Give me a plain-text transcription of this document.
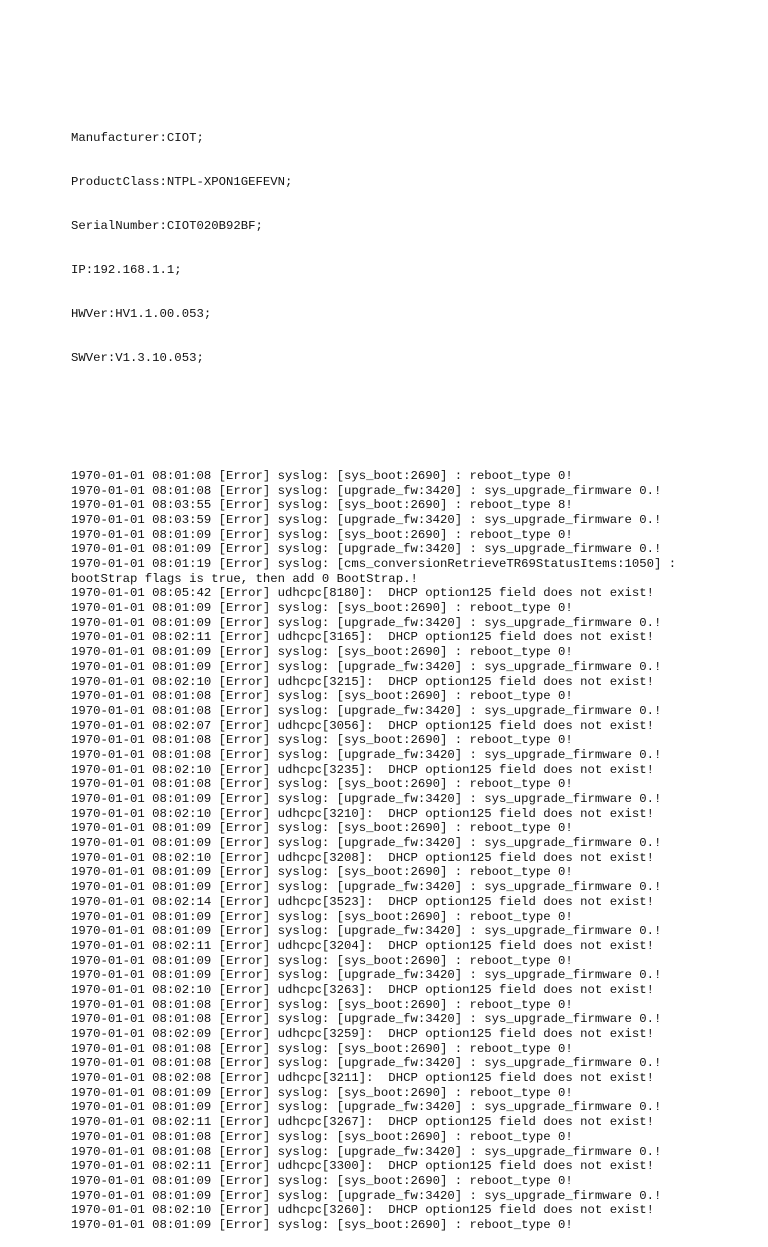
Manufacturer:CIOT;

ProductClass:NTPL-XPON1GEFEVN;

SerialNumber:CIOT020B92BF;

IP:192.168.1.1;

HWVer:HV1.1.00.053;

SWVer:V1.3.10.053;

1970-01-01 08:01:08 [Error] syslog: [sys_boot:2690] : reboot_type 0!
1970-01-01 08:01:08 [Error] syslog: [upgrade_fw:3420] : sys_upgrade_firmware 0.!
1970-01-01 08:03:55 [Error] syslog: [sys_boot:2690] : reboot_type 8!
1970-01-01 08:03:59 [Error] syslog: [upgrade_fw:3420] : sys_upgrade_firmware 0.!
1970-01-01 08:01:09 [Error] syslog: [sys_boot:2690] : reboot_type 0!
1970-01-01 08:01:09 [Error] syslog: [upgrade_fw:3420] : sys_upgrade_firmware 0.!
1970-01-01 08:01:19 [Error] syslog: [cms_conversionRetrieveTR69StatusItems:1050] :
bootStrap flags is true, then add 0 BootStrap.!
1970-01-01 08:05:42 [Error] udhcpc[8180]:  DHCP option125 field does not exist!
1970-01-01 08:01:09 [Error] syslog: [sys_boot:2690] : reboot_type 0!
1970-01-01 08:01:09 [Error] syslog: [upgrade_fw:3420] : sys_upgrade_firmware 0.!
1970-01-01 08:02:11 [Error] udhcpc[3165]:  DHCP option125 field does not exist!
1970-01-01 08:01:09 [Error] syslog: [sys_boot:2690] : reboot_type 0!
1970-01-01 08:01:09 [Error] syslog: [upgrade_fw:3420] : sys_upgrade_firmware 0.!
1970-01-01 08:02:10 [Error] udhcpc[3215]:  DHCP option125 field does not exist!
1970-01-01 08:01:08 [Error] syslog: [sys_boot:2690] : reboot_type 0!
1970-01-01 08:01:08 [Error] syslog: [upgrade_fw:3420] : sys_upgrade_firmware 0.!
1970-01-01 08:02:07 [Error] udhcpc[3056]:  DHCP option125 field does not exist!
1970-01-01 08:01:08 [Error] syslog: [sys_boot:2690] : reboot_type 0!
1970-01-01 08:01:08 [Error] syslog: [upgrade_fw:3420] : sys_upgrade_firmware 0.!
1970-01-01 08:02:10 [Error] udhcpc[3235]:  DHCP option125 field does not exist!
1970-01-01 08:01:08 [Error] syslog: [sys_boot:2690] : reboot_type 0!
1970-01-01 08:01:09 [Error] syslog: [upgrade_fw:3420] : sys_upgrade_firmware 0.!
1970-01-01 08:02:10 [Error] udhcpc[3210]:  DHCP option125 field does not exist!
1970-01-01 08:01:09 [Error] syslog: [sys_boot:2690] : reboot_type 0!
1970-01-01 08:01:09 [Error] syslog: [upgrade_fw:3420] : sys_upgrade_firmware 0.!
1970-01-01 08:02:10 [Error] udhcpc[3208]:  DHCP option125 field does not exist!
1970-01-01 08:01:09 [Error] syslog: [sys_boot:2690] : reboot_type 0!
1970-01-01 08:01:09 [Error] syslog: [upgrade_fw:3420] : sys_upgrade_firmware 0.!
1970-01-01 08:02:14 [Error] udhcpc[3523]:  DHCP option125 field does not exist!
1970-01-01 08:01:09 [Error] syslog: [sys_boot:2690] : reboot_type 0!
1970-01-01 08:01:09 [Error] syslog: [upgrade_fw:3420] : sys_upgrade_firmware 0.!
1970-01-01 08:02:11 [Error] udhcpc[3204]:  DHCP option125 field does not exist!
1970-01-01 08:01:09 [Error] syslog: [sys_boot:2690] : reboot_type 0!
1970-01-01 08:01:09 [Error] syslog: [upgrade_fw:3420] : sys_upgrade_firmware 0.!
1970-01-01 08:02:10 [Error] udhcpc[3263]:  DHCP option125 field does not exist!
1970-01-01 08:01:08 [Error] syslog: [sys_boot:2690] : reboot_type 0!
1970-01-01 08:01:08 [Error] syslog: [upgrade_fw:3420] : sys_upgrade_firmware 0.!
1970-01-01 08:02:09 [Error] udhcpc[3259]:  DHCP option125 field does not exist!
1970-01-01 08:01:08 [Error] syslog: [sys_boot:2690] : reboot_type 0!
1970-01-01 08:01:08 [Error] syslog: [upgrade_fw:3420] : sys_upgrade_firmware 0.!
1970-01-01 08:02:08 [Error] udhcpc[3211]:  DHCP option125 field does not exist!
1970-01-01 08:01:09 [Error] syslog: [sys_boot:2690] : reboot_type 0!
1970-01-01 08:01:09 [Error] syslog: [upgrade_fw:3420] : sys_upgrade_firmware 0.!
1970-01-01 08:02:11 [Error] udhcpc[3267]:  DHCP option125 field does not exist!
1970-01-01 08:01:08 [Error] syslog: [sys_boot:2690] : reboot_type 0!
1970-01-01 08:01:08 [Error] syslog: [upgrade_fw:3420] : sys_upgrade_firmware 0.!
1970-01-01 08:02:11 [Error] udhcpc[3300]:  DHCP option125 field does not exist!
1970-01-01 08:01:09 [Error] syslog: [sys_boot:2690] : reboot_type 0!
1970-01-01 08:01:09 [Error] syslog: [upgrade_fw:3420] : sys_upgrade_firmware 0.!
1970-01-01 08:02:10 [Error] udhcpc[3260]:  DHCP option125 field does not exist!
1970-01-01 08:01:09 [Error] syslog: [sys_boot:2690] : reboot_type 0!
